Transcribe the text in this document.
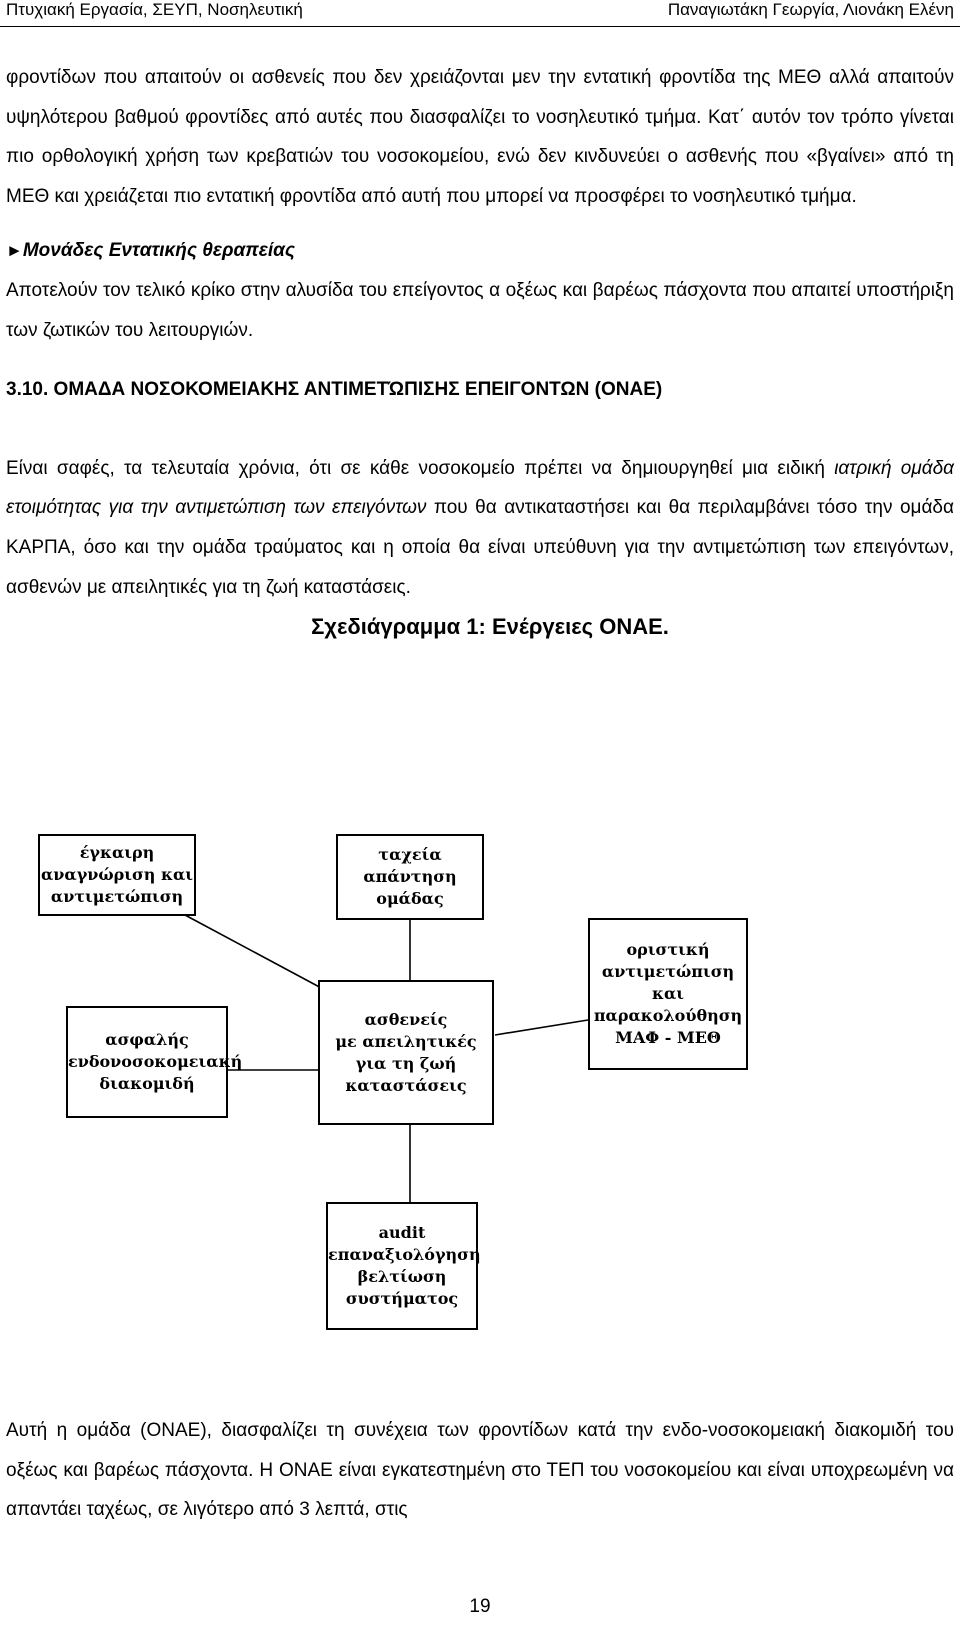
Πτυχιακή Εργασία, ΣΕΥΠ, Νοσηλευτική	Παναγιωτάκη Γεωργία, Λιονάκη Ελένη

φροντίδων που απαιτούν οι ασθενείς που δεν χρειάζονται μεν την εντατική φροντίδα της ΜΕΘ αλλά απαιτούν υψηλότερου βαθμού φροντίδες από αυτές που διασφαλίζει το νοσηλευτικό τμήμα. Κατ΄ αυτόν τον τρόπο γίνεται πιο ορθολογική χρήση των κρεβατιών του νοσοκομείου, ενώ δεν κινδυνεύει ο ασθενής που «βγαίνει» από τη ΜΕΘ και χρειάζεται πιο εντατική φροντίδα από αυτή που μπορεί να προσφέρει το νοσηλευτικό τμήμα.

►Μονάδες Εντατικής θεραπείας

Αποτελούν τον τελικό κρίκο στην αλυσίδα του επείγοντος α οξέως και βαρέως πάσχοντα που απαιτεί υποστήριξη των ζωτικών του λειτουργιών.

3.10. ΟΜΑΔΑ ΝΟΣΟΚΟΜΕΙΑΚΗΣ ΑΝΤΙΜΕΤΏΠΙΣΗΣ ΕΠΕΙΓΟΝΤΩΝ (ΟΝΑΕ)

Είναι σαφές, τα τελευταία χρόνια, ότι σε κάθε νοσοκομείο πρέπει να δημιουργηθεί μια ειδική ιατρική ομάδα ετοιμότητας για την αντιμετώπιση των επειγόντων που θα αντικαταστήσει και θα περιλαμβάνει τόσο την ομάδα ΚΑΡΠΑ, όσο και την ομάδα τραύματος και η οποία θα είναι υπεύθυνη για την αντιμετώπιση των επειγόντων, ασθενών με απειλητικές για τη ζωή καταστάσεις.

Σχεδιάγραμμα 1: Ενέργειες ΟΝΑΕ.

έγκαιρη
αναγνώριση και
αντιμετώπιση
ταχεία
απάντηση
ομάδας
οριστική
αντιμετώπιση
και
παρακολούθηση
ΜΑΦ - ΜΕΘ
ασφαλής
ενδονοσοκομειακή
διακομιδή
ασθενείς
με απειλητικές
για τη ζωή
καταστάσεις
audit
επαναξιολόγηση
βελτίωση
συστήματος

Αυτή η ομάδα (ΟΝΑΕ), διασφαλίζει τη συνέχεια των φροντίδων κατά την ενδο-νοσοκομειακή διακομιδή του οξέως και βαρέως πάσχοντα. Η ΟΝΑΕ είναι εγκατεστημένη στο ΤΕΠ του νοσοκομείου και είναι υποχρεωμένη να απαντάει ταχέως, σε λιγότερο από 3 λεπτά, στις

19
